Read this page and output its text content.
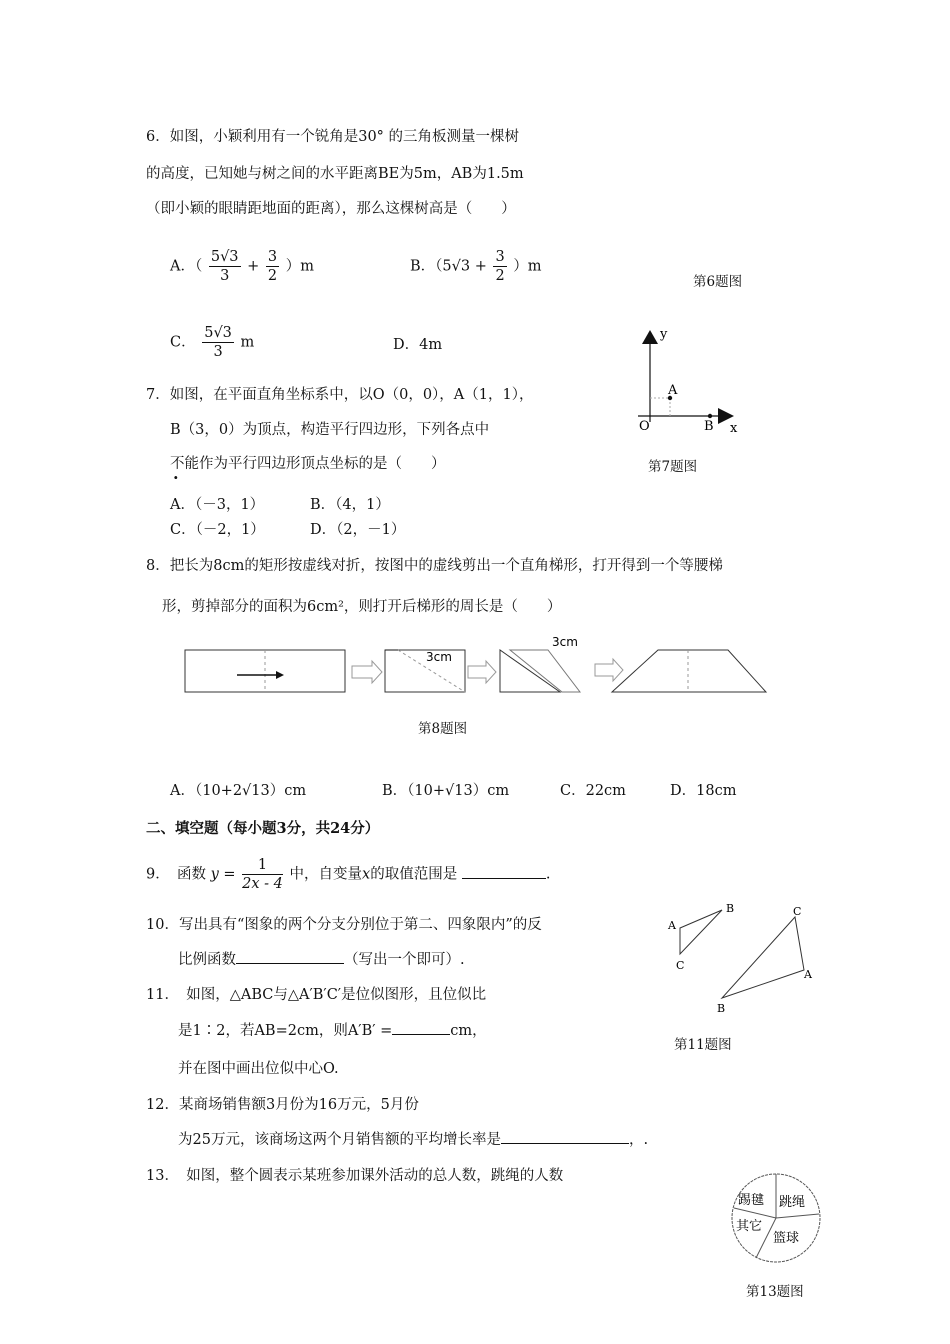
6．如图，小颖利用有一个锐角是30° 的三角板测量一棵树
的高度，已知她与树之间的水平距离BE为5m，AB为1.5m
（即小颖的眼睛距地面的距离），那么这棵树高是（　　）
A．（ $\frac{5√3}{3} + \frac{3}{2} )m$	B．$(5√3 + \frac{3}{2} )m$
第6题图
C． $\frac{5√3}{3}$ m	D．4m
y
x
O
A
B
7．如图，在平面直角坐标系中，以O（0，0），A（1，1），
B（3，0）为顶点，构造平行四边形，下列各点中
不能作为平行四边形顶点坐标的是（　　）	第7题图
A．（－3，1）	B．（4，1）
C．（－2，1）	D．（2，－1）
8．把长为8cm的矩形按虚线对折，按图中的虚线剪出一个直角梯形，打开得到一个等腰梯
形，剪掉部分的面积为6cm²，则打开后梯形的周长是（　　）
3cm
3cm
第8题图
A．（10+2√13）cm	B．（10+√13）cm	C．22cm	D．18cm
二、填空题（每小题3分，共24分）
9．　函数 $y = \frac{1}{2x - 4}$ 中，自变量x的取值范围是	.
A
B
C
C
A
B
10．写出具有“图象的两个分支分别位于第二、四象限内”的反
比例函数	（写出一个即可）.
11．　如图，△ABC与△A′B′C′是位似图形，且位似比
是1∶2，若AB=2cm，则A′B′ =	cm，
第11题图
并在图中画出位似中心O.
12．某商场销售额3月份为16万元，5月份
为25万元，该商场这两个月销售额的平均增长率是	，.
13．　如图，整个圆表示某班参加课外活动的总人数，跳绳的人数
踢毽 跳绳
其它
篮球
第13题图
